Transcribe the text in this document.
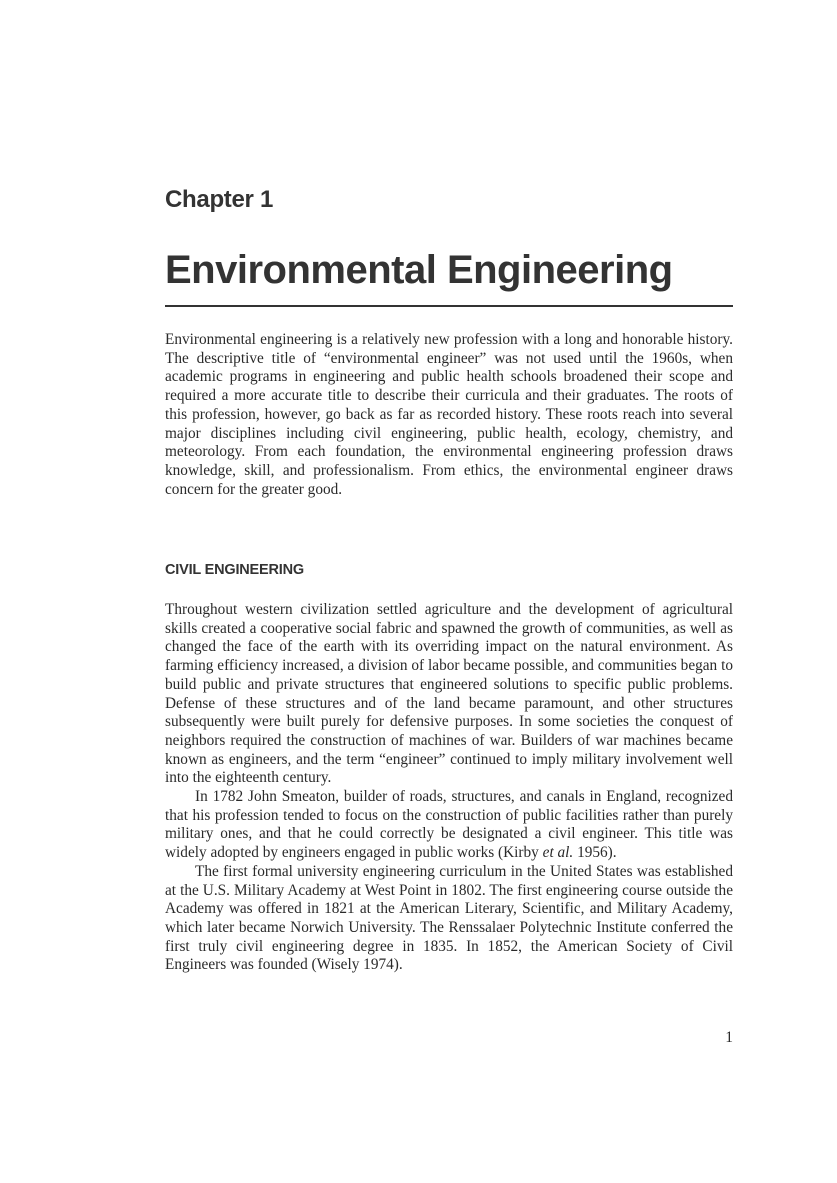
Chapter 1
Environmental Engineering

Environmental engineering is a relatively new profession with a long and honorable history. The descriptive title of “environmental engineer” was not used until the 1960s, when academic programs in engineering and public health schools broadened their scope and required a more accurate title to describe their curricula and their graduates. The roots of this profession, however, go back as far as recorded history. These roots reach into several major disciplines including civil engineering, public health, ecology, chemistry, and meteorology. From each foundation, the environmental engineering profession draws knowledge, skill, and professionalism. From ethics, the environmental engineer draws concern for the greater good.

CIVIL ENGINEERING

Throughout western civilization settled agriculture and the development of agricultural skills created a cooperative social fabric and spawned the growth of communities, as well as changed the face of the earth with its overriding impact on the natural environment. As farming efficiency increased, a division of labor became possible, and communities began to build public and private structures that engineered solutions to specific public problems. Defense of these structures and of the land became paramount, and other structures subsequently were built purely for defensive purposes. In some societies the conquest of neighbors required the construction of machines of war. Builders of war machines became known as engineers, and the term “engineer” continued to imply military involvement well into the eighteenth century.

In 1782 John Smeaton, builder of roads, structures, and canals in England, recognized that his profession tended to focus on the construction of public facilities rather than purely military ones, and that he could correctly be designated a civil engineer. This title was widely adopted by engineers engaged in public works (Kirby et al. 1956).

The first formal university engineering curriculum in the United States was established at the U.S. Military Academy at West Point in 1802. The first engineering course outside the Academy was offered in 1821 at the American Literary, Scientific, and Military Academy, which later became Norwich University. The Renssalaer Polytechnic Institute conferred the first truly civil engineering degree in 1835. In 1852, the American Society of Civil Engineers was founded (Wisely 1974).

1
